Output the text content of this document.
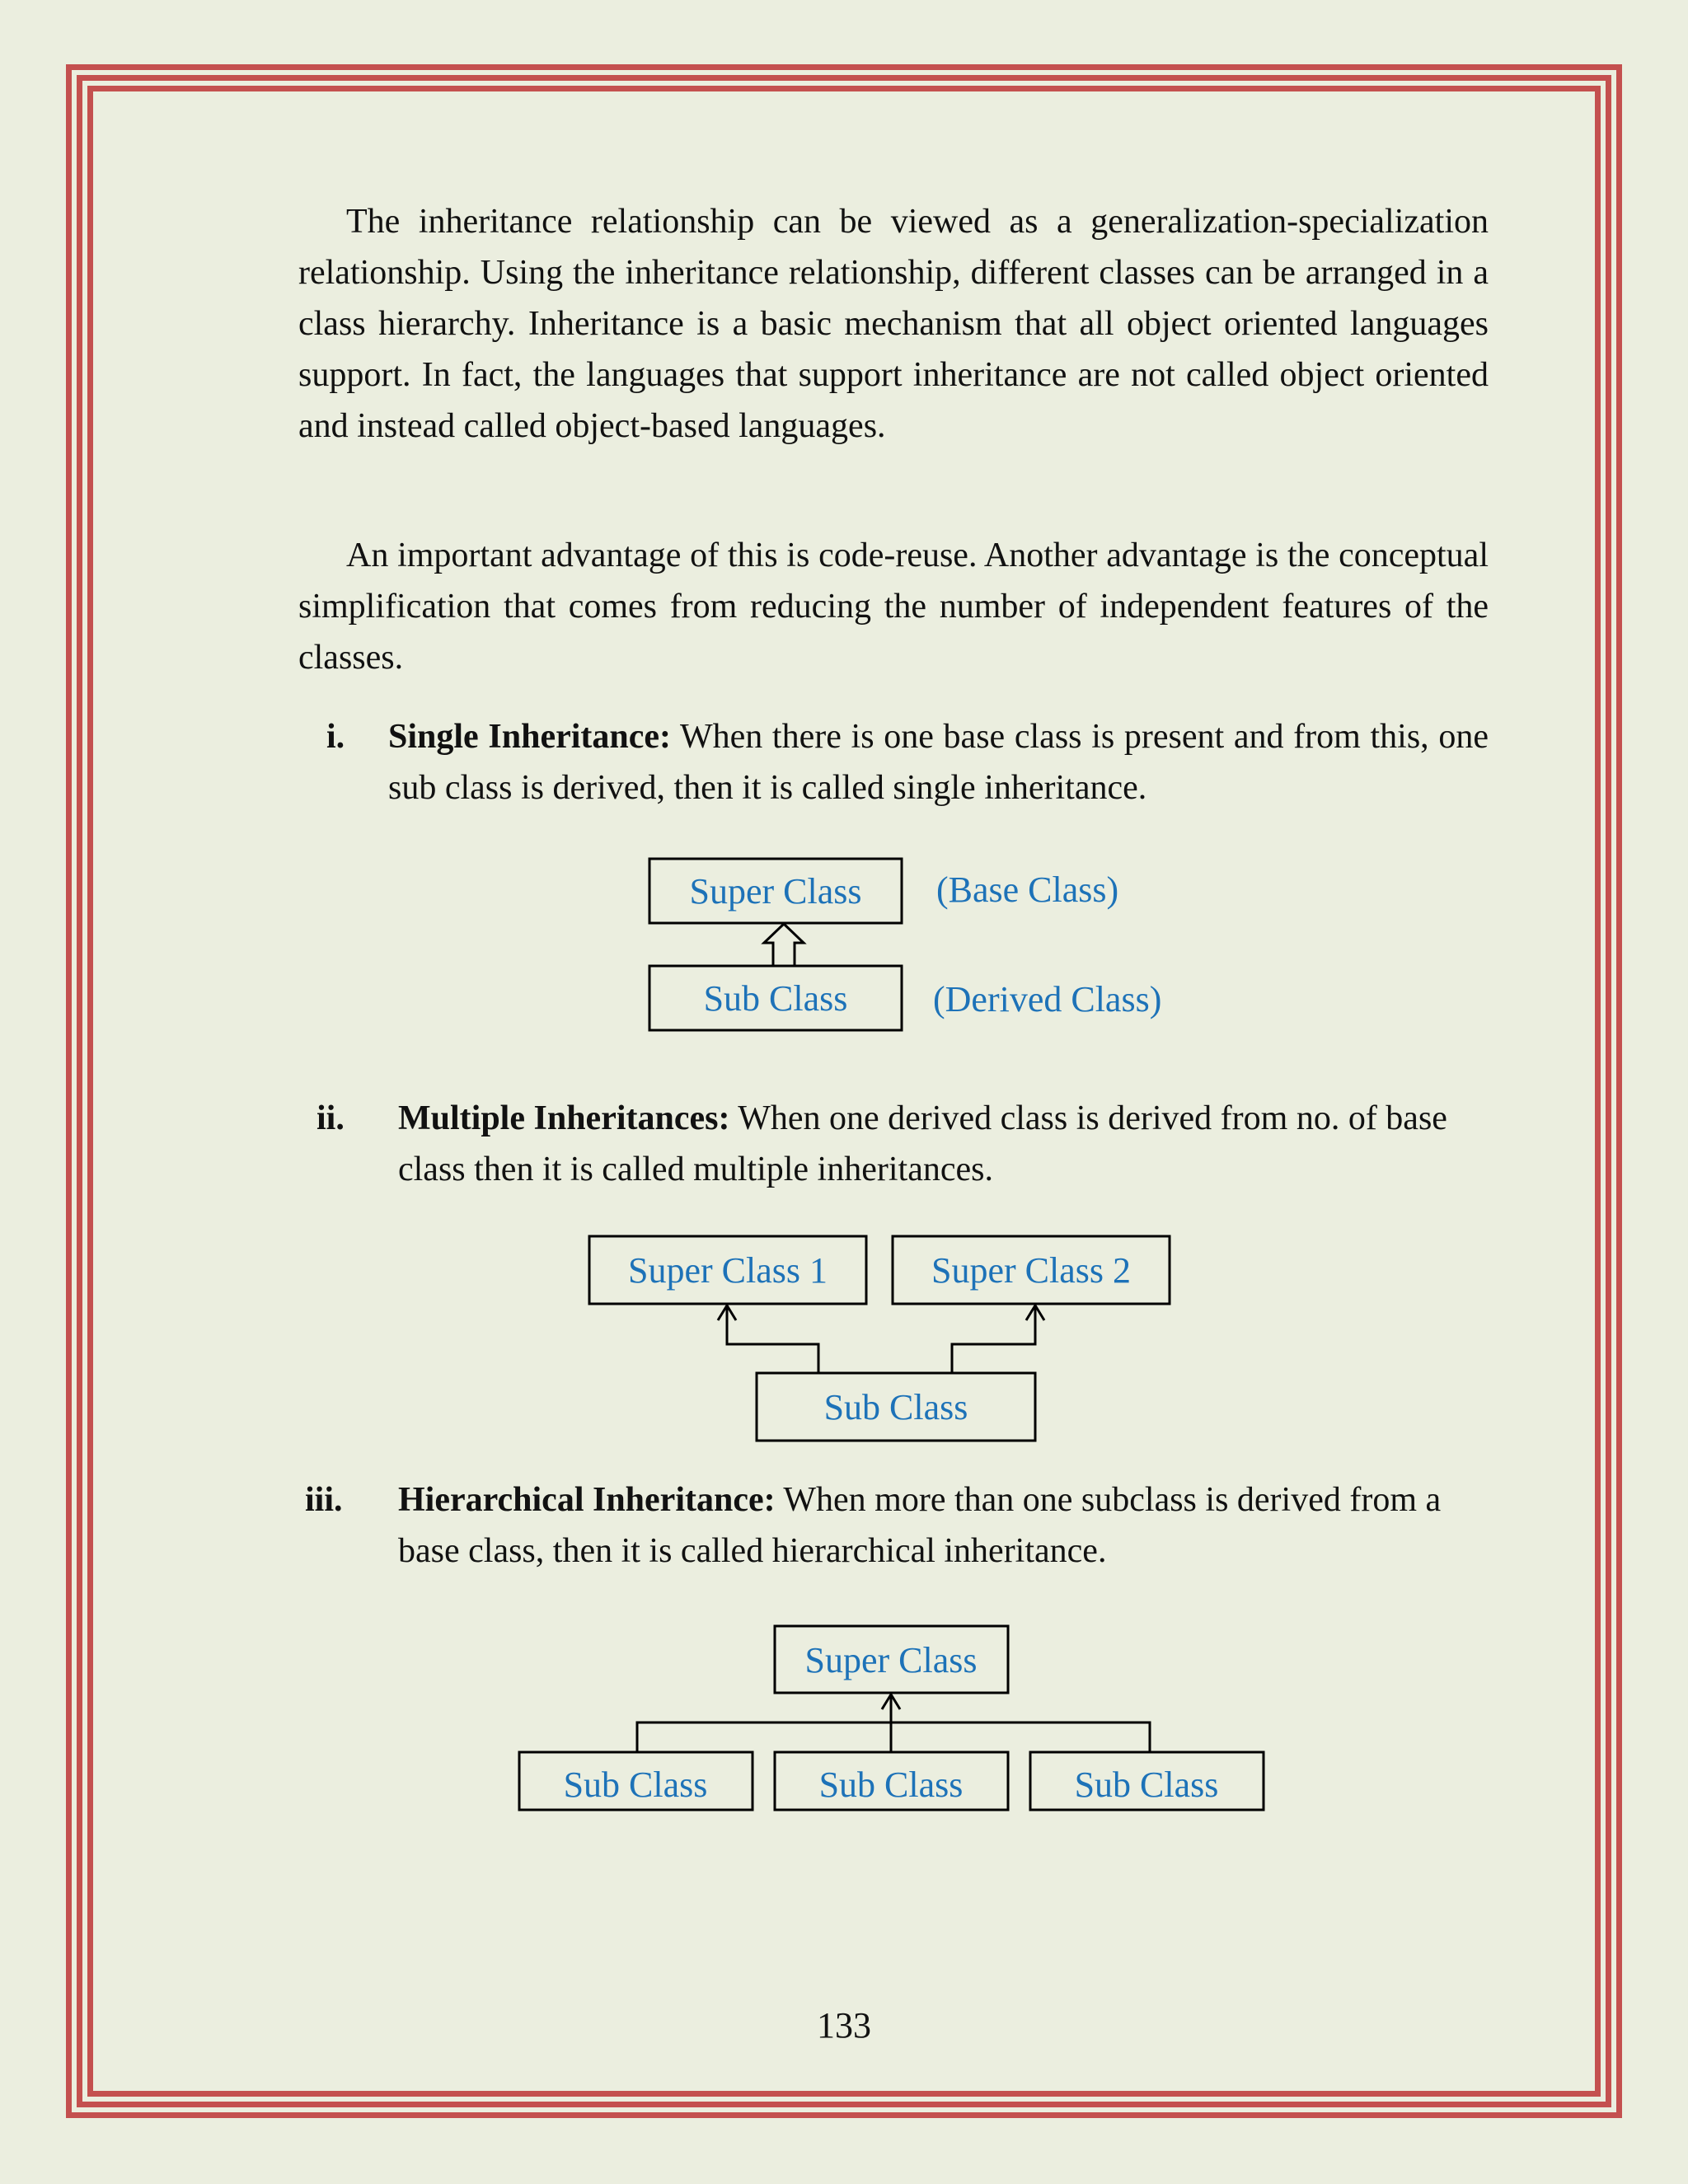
The inheritance relationship can be viewed as a generalization-specialization relationship. Using the inheritance relationship, different classes can be arranged in a class hierarchy. Inheritance is a basic mechanism that all object oriented languages support. In fact, the languages that support inheritance are not called object oriented and instead called object-based languages.

An important advantage of this is code-reuse. Another advantage is the conceptual simplification that comes from reducing the number of independent features of the classes.

i. Single Inheritance: When there is one base class is present and from this, one sub class is derived, then it is called single inheritance.

ii. Multiple Inheritances: When one derived class is derived from no. of base class then it is called multiple inheritances.

iii. Hierarchical Inheritance: When more than one subclass is derived from a base class, then it is called hierarchical inheritance.

Super Class (Base Class)
Sub Class (Derived Class)
Super Class 1	Super Class 2
Sub Class
Super Class
Sub Class	Sub Class	Sub Class
133
